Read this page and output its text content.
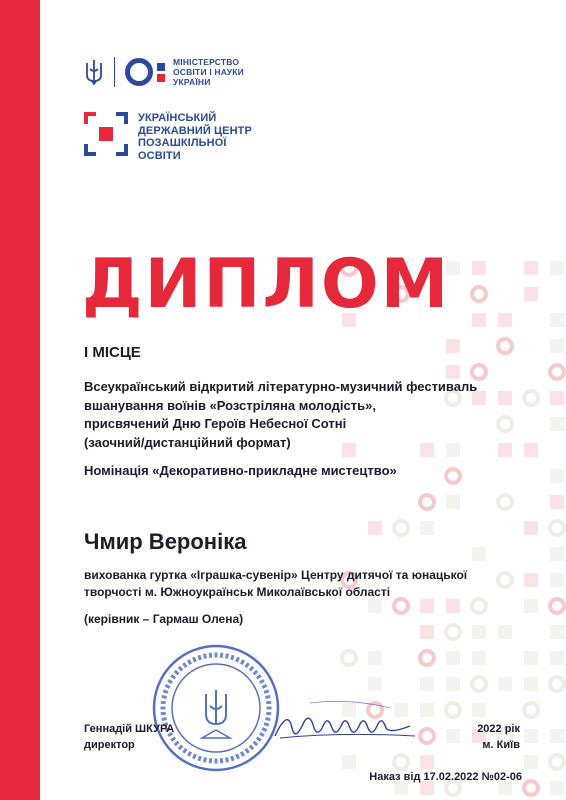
МІНІСТЕРСТВО
ОСВІТИ І НАУКИ
УКРАЇНИ
УКРАЇНСЬКИЙ
ДЕРЖАВНИЙ ЦЕНТР
ПОЗАШКІЛЬНОЇ
ОСВІТИ
ДИПЛОМ
І МІСЦЕ
Всеукраїнський відкритий літературно-музичний фестиваль
вшанування воїнів «Розстріляна молодість»,
присвячений Дню Героїв Небесної Сотні
(заочний/дистанційний формат)
Номінація «Декоративно-прикладне мистецтво»
Чмир Вероніка
вихованка гуртка «Іграшка-сувенір» Центру дитячої та юнацької
творчості м. Южноукраїнськ Миколаївської області
(керівник – Гармаш Олена)
Геннадій ШКУРА
директор
2022 рік
м. Київ
Наказ від 17.02.2022 №02-06
